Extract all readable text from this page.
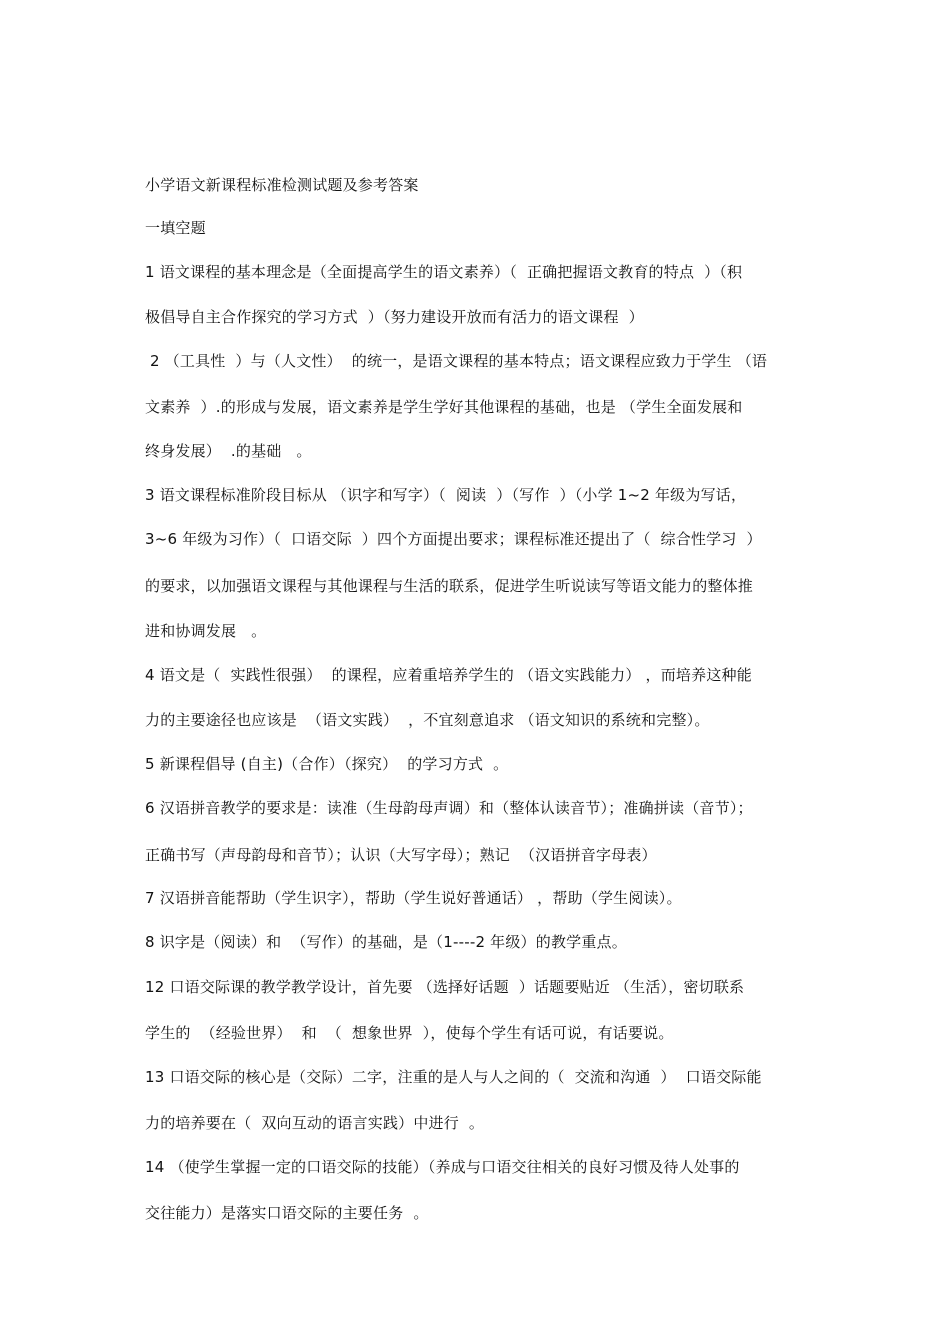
小学语文新课程标准检测试题及参考答案
一填空题
1 语文课程的基本理念是（全面提高学生的语文素养）（  正确把握语文教育的特点  ）（积
极倡导自主合作探究的学习方式  ）（努力建设开放而有活力的语文课程  ）
2 （工具性  ）与（人文性）  的统一，是语文课程的基本特点；语文课程应致力于学生 （语
文素养  ）.的形成与发展，语文素养是学生学好其他课程的基础，也是 （学生全面发展和
终身发展）  .的基础   。
3 语文课程标准阶段目标从 （识字和写字）（  阅读  ）（写作  ）（小学 1~2 年级为写话，
3~6 年级为习作）（  口语交际  ）四个方面提出要求；课程标准还提出了（  综合性学习  ）
的要求，以加强语文课程与其他课程与生活的联系，促进学生听说读写等语文能力的整体推
进和协调发展   。
4 语文是（  实践性很强）  的课程，应着重培养学生的 （语文实践能力） ，而培养这种能
力的主要途径也应该是  （语文实践）  ，不宜刻意追求 （语文知识的系统和完整）。
5 新课程倡导 (自主)（合作）（探究）  的学习方式  。
6 汉语拼音教学的要求是：读准（生母韵母声调）和（整体认读音节）；准确拼读（音节）；
正确书写（声母韵母和音节）；认识（大写字母）；熟记  （汉语拼音字母表）
7 汉语拼音能帮助（学生识字），帮助（学生说好普通话） ，帮助（学生阅读）。
8 识字是（阅读）和  （写作）的基础，是（1----2 年级）的教学重点。
12 口语交际课的教学教学设计，首先要 （选择好话题  ）话题要贴近 （生活），密切联系
学生的  （经验世界）  和  （  想象世界  ），使每个学生有话可说，有话要说。
13 口语交际的核心是（交际）二字，注重的是人与人之间的（  交流和沟通  ）  口语交际能
力的培养要在（  双向互动的语言实践）中进行  。
14 （使学生掌握一定的口语交际的技能）（养成与口语交往相关的良好习惯及待人处事的
交往能力）是落实口语交际的主要任务  。
